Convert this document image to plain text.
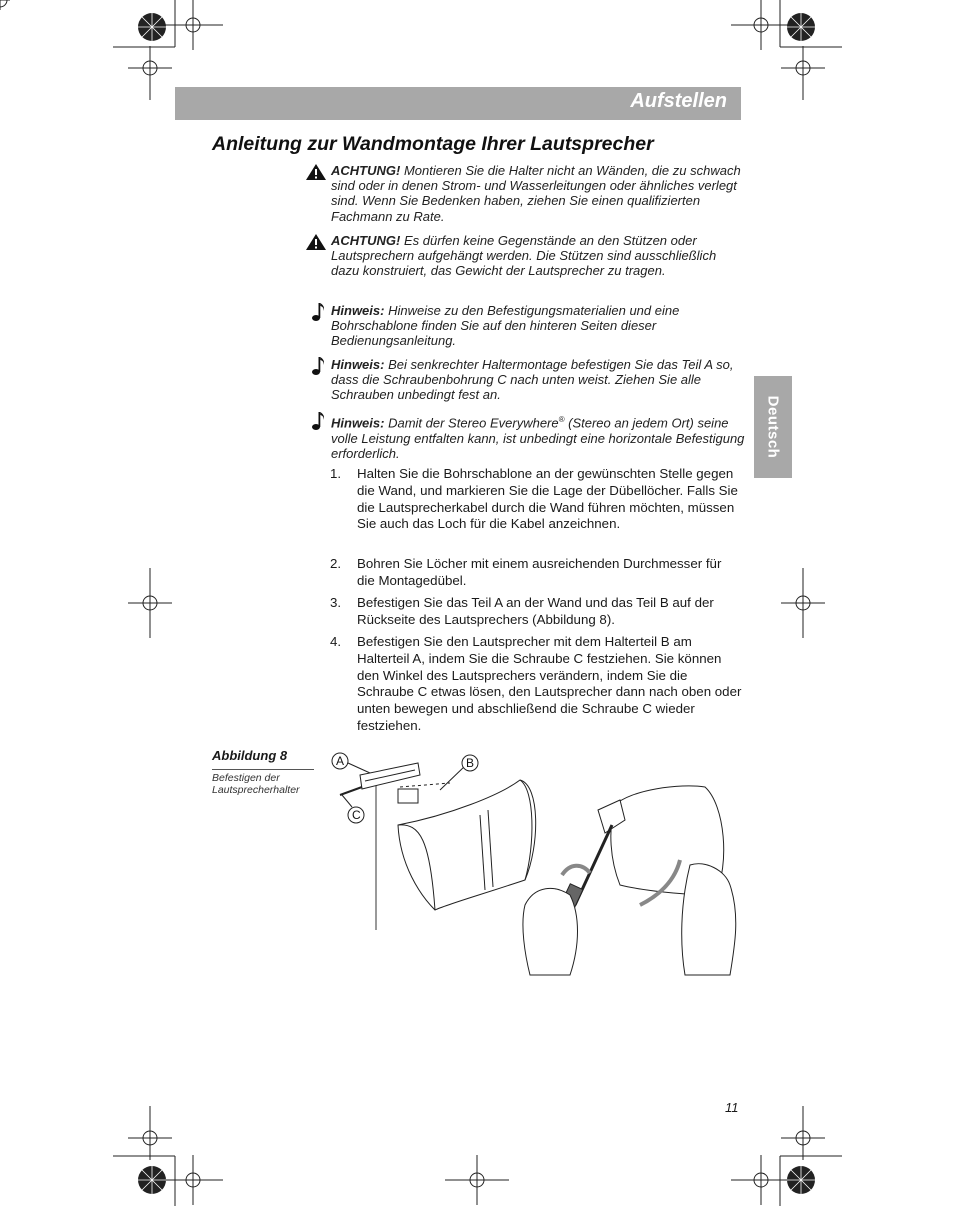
Aufstellen
Anleitung zur Wandmontage Ihrer Lautsprecher
Deutsch
ACHTUNG! Montieren Sie die Halter nicht an Wänden, die zu schwach sind oder in denen Strom- und Wasserleitungen oder ähnliches verlegt sind. Wenn Sie Bedenken haben, ziehen Sie einen qualifizierten Fachmann zu Rate.
ACHTUNG! Es dürfen keine Gegenstände an den Stützen oder Lautsprechern aufgehängt werden. Die Stützen sind ausschließlich dazu konstruiert, das Gewicht der Lautsprecher zu tragen.
Hinweis: Hinweise zu den Befestigungsmaterialien und eine Bohrschablone finden Sie auf den hinteren Seiten dieser Bedienungsanleitung.
Hinweis: Bei senkrechter Haltermontage befestigen Sie das Teil A so, dass die Schraubenbohrung C nach unten weist. Ziehen Sie alle Schrauben unbedingt fest an.
Hinweis: Damit der Stereo Everywhere® (Stereo an jedem Ort) seine volle Leistung entfalten kann, ist unbedingt eine horizontale Befestigung erforderlich.
1. Halten Sie die Bohrschablone an der gewünschten Stelle gegen die Wand, und markieren Sie die Lage der Dübellöcher. Falls Sie die Lautsprecherkabel durch die Wand führen möchten, müssen Sie auch das Loch für die Kabel anzeichnen.
2. Bohren Sie Löcher mit einem ausreichenden Durchmesser für die Montagedübel.
3. Befestigen Sie das Teil A an der Wand und das Teil B auf der Rückseite des Lautsprechers (Abbildung 8).
4. Befestigen Sie den Lautsprecher mit dem Halterteil B am Halterteil A, indem Sie die Schraube C festziehen. Sie können den Winkel des Lautsprechers verändern, indem Sie die Schraube C etwas lösen, den Lautsprecher dann nach oben oder unten bewegen und abschließend die Schraube C wieder festziehen.
Abbildung 8
Befestigen der Lautsprecherhalter
A	B
C
11
